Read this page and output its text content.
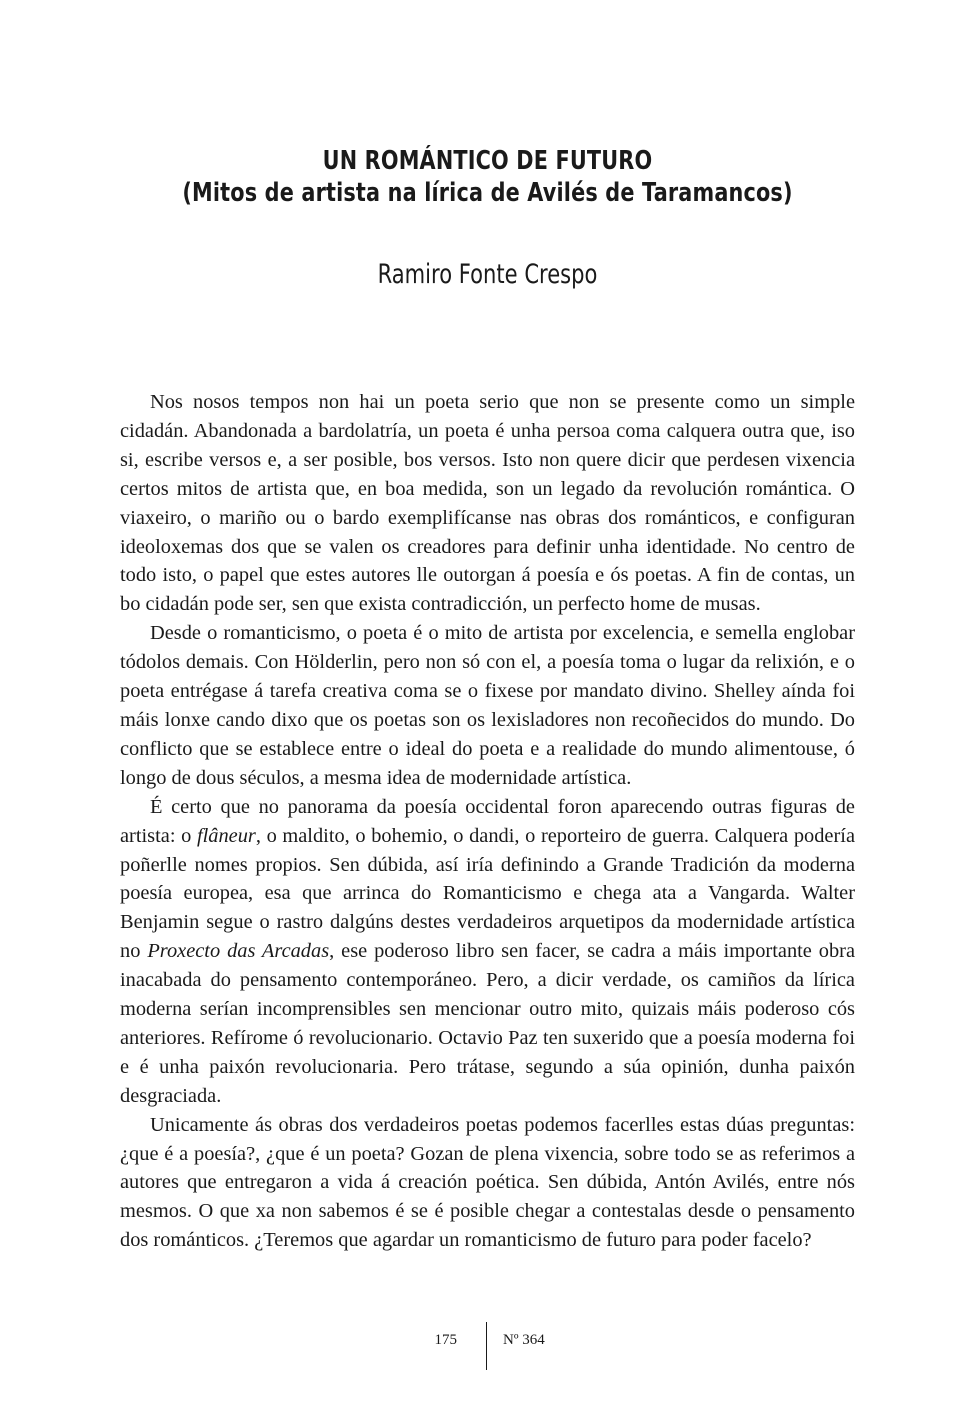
UN ROMÁNTICO DE FUTURO
(Mitos de artista na lírica de Avilés de Taramancos)
Ramiro Fonte Crespo

Nos nosos tempos non hai un poeta serio que non se presente como un simple cidadán. Abandonada a bardolatría, un poeta é unha persoa coma calquera outra que, iso si, escribe versos e, a ser posible, bos versos. Isto non quere dicir que perdesen vixencia certos mitos de artista que, en boa medida, son un legado da revolución romántica. O viaxeiro, o mariño ou o bardo exemplifícanse nas obras dos románticos, e configuran ideoloxemas dos que se valen os creadores para definir unha identidade. No centro de todo isto, o papel que estes autores lle outorgan á poesía e ós poetas. A fin de contas, un bo cidadán pode ser, sen que exista contradicción, un perfecto home de musas.

Desde o romanticismo, o poeta é o mito de artista por excelencia, e semella englobar tódolos demais. Con Hölderlin, pero non só con el, a poesía toma o lugar da relixión, e o poeta entrégase á tarefa creativa coma se o fixese por mandato divino. Shelley aínda foi máis lonxe cando dixo que os poetas son os lexisladores non recoñecidos do mundo. Do conflicto que se establece entre o ideal do poeta e a realidade do mundo alimentouse, ó longo de dous séculos, a mesma idea de modernidade artística.

É certo que no panorama da poesía occidental foron aparecendo outras figuras de artista: o flâneur, o maldito, o bohemio, o dandi, o reporteiro de guerra. Calquera podería poñerlle nomes propios. Sen dúbida, así iría definindo a Grande Tradición da moderna poesía europea, esa que arrinca do Romanticismo e chega ata a Vangarda. Walter Benjamin segue o rastro dalgúns destes verdadeiros arquetipos da modernidade artística no Proxecto das Arcadas, ese poderoso libro sen facer, se cadra a máis importante obra inacabada do pensamento contemporáneo. Pero, a dicir verdade, os camiños da lírica moderna serían incomprensibles sen mencionar outro mito, quizais máis poderoso cós anteriores. Refírome ó revolucionario. Octavio Paz ten suxerido que a poesía moderna foi e é unha paixón revolucionaria. Pero trátase, segundo a súa opinión, dunha paixón desgraciada.

Unicamente ás obras dos verdadeiros poetas podemos facerlles estas dúas preguntas: ¿que é a poesía?, ¿que é un poeta? Gozan de plena vixencia, sobre todo se as referimos a autores que entregaron a vida á creación poética. Sen dúbida, Antón Avilés, entre nós mesmos. O que xa non sabemos é se é posible chegar a contestalas desde o pensamento dos románticos. ¿Teremos que agardar un romanticismo de futuro para poder facelo?

175	Nº 364
